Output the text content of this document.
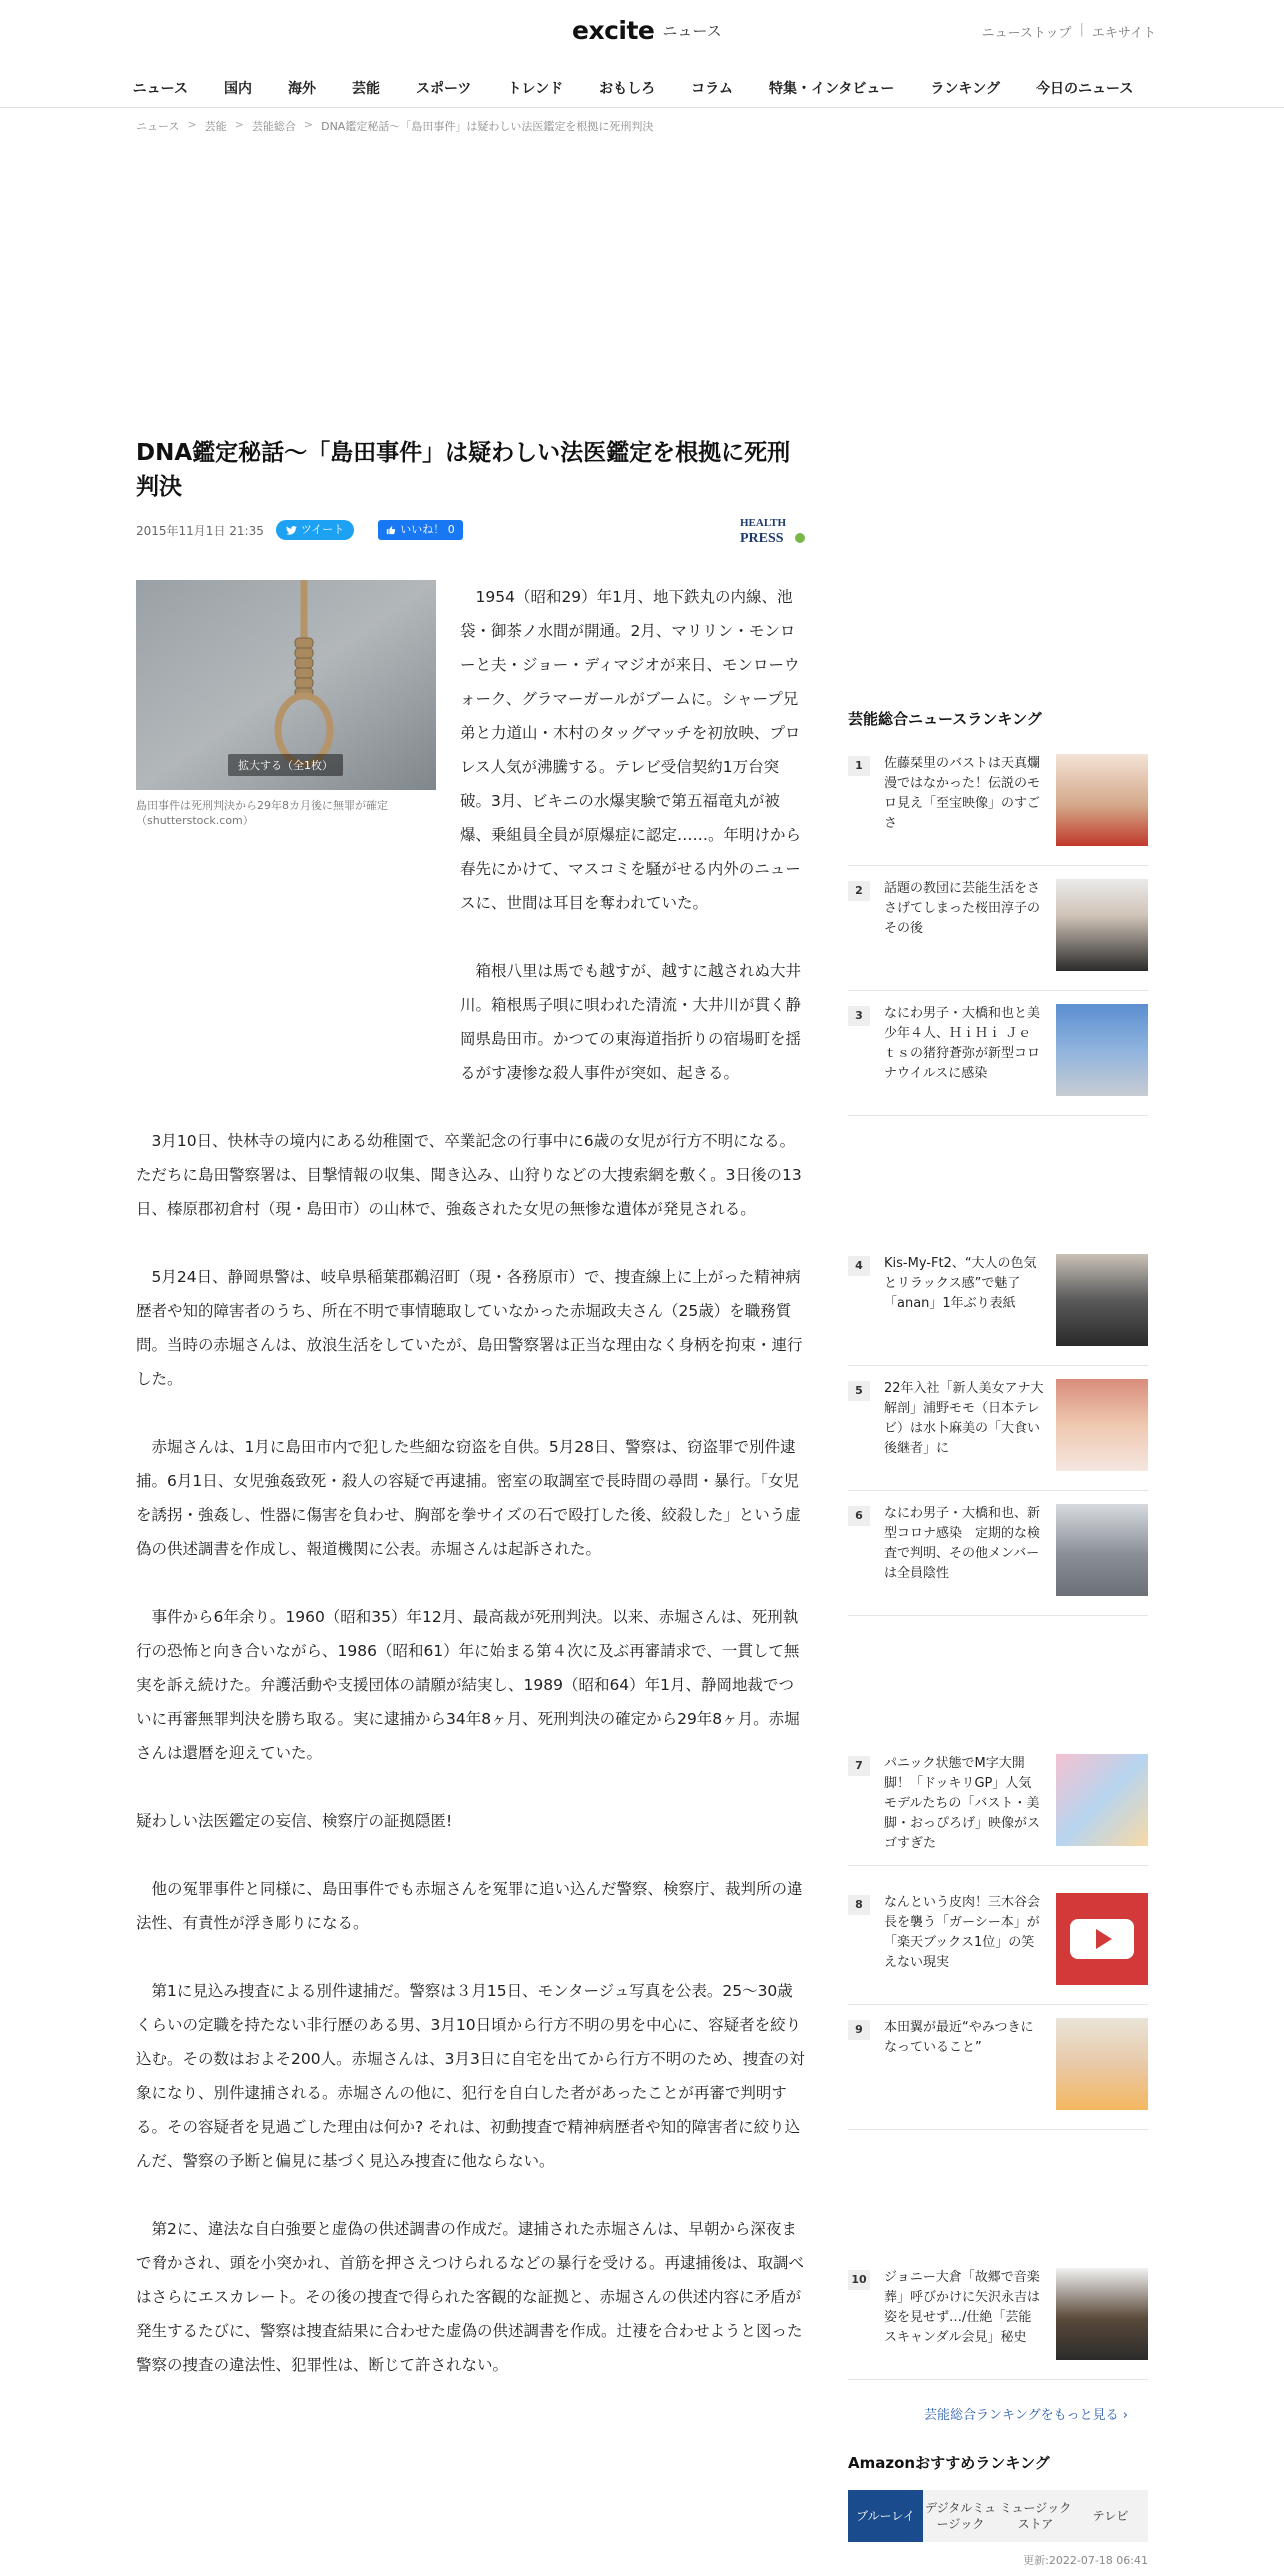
excite ニュース	ニューストップ | エキサイト
ニュース	国内	海外	芸能	スポーツ	トレンド	おもしろ	コラム	特集・インタビュー	ランキング	今日のニュース
ニュース > 芸能 > 芸能総合 > DNA鑑定秘話〜「島田事件」は疑わしい法医鑑定を根拠に死刑判決
DNA鑑定秘話〜「島田事件」は疑わしい法医鑑定を根拠に死刑判決
2015年11月1日 21:35	ツイート	いいね！ 0	HEALTH
PRESS
拡大する（全1枚）
島田事件は死刑判決から29年8カ月後に無罪が確定（shutterstock.com）

1954（昭和29）年1月、地下鉄丸の内線、池袋・御茶ノ水間が開通。2月、マリリン・モンローと夫・ジョー・ディマジオが来日、モンローウォーク、グラマーガールがブームに。シャープ兄弟と力道山・木村のタッグマッチを初放映、プロレス人気が沸騰する。テレビ受信契約1万台突破。3月、ビキニの水爆実験で第五福竜丸が被爆、乗組員全員が原爆症に認定……。年明けから春先にかけて、マスコミを騒がせる内外のニュースに、世間は耳目を奪われていた。

箱根八里は馬でも越すが、越すに越されぬ大井川。箱根馬子唄に唄われた清流・大井川が貫く静岡県島田市。かつての東海道指折りの宿場町を揺るがす凄惨な殺人事件が突如、起きる。

3月10日、快林寺の境内にある幼稚園で、卒業記念の行事中に6歳の女児が行方不明になる。ただちに島田警察署は、目撃情報の収集、聞き込み、山狩りなどの大捜索網を敷く。3日後の13日、榛原郡初倉村（現・島田市）の山林で、強姦された女児の無惨な遺体が発見される。

5月24日、静岡県警は、岐阜県稲葉郡鵜沼町（現・各務原市）で、捜査線上に上がった精神病歴者や知的障害者のうち、所在不明で事情聴取していなかった赤堀政夫さん（25歳）を職務質問。当時の赤堀さんは、放浪生活をしていたが、島田警察署は正当な理由なく身柄を拘束・連行した。

赤堀さんは、1月に島田市内で犯した些細な窃盗を自供。5月28日、警察は、窃盗罪で別件逮捕。6月1日、女児強姦致死・殺人の容疑で再逮捕。密室の取調室で長時間の尋問・暴行。「女児を誘拐・強姦し、性器に傷害を負わせ、胸部を拳サイズの石で殴打した後、絞殺した」という虚偽の供述調書を作成し、報道機関に公表。赤堀さんは起訴された。

事件から6年余り。1960（昭和35）年12月、最高裁が死刑判決。以来、赤堀さんは、死刑執行の恐怖と向き合いながら、1986（昭和61）年に始まる第４次に及ぶ再審請求で、一貫して無実を訴え続けた。弁護活動や支援団体の請願が結実し、1989（昭和64）年1月、静岡地裁でついに再審無罪判決を勝ち取る。実に逮捕から34年8ヶ月、死刑判決の確定から29年8ヶ月。赤堀さんは還暦を迎えていた。

疑わしい法医鑑定の妄信、検察庁の証拠隠匿!

他の冤罪事件と同様に、島田事件でも赤堀さんを冤罪に追い込んだ警察、検察庁、裁判所の違法性、有責性が浮き彫りになる。

第1に見込み捜査による別件逮捕だ。警察は３月15日、モンタージュ写真を公表。25～30歳くらいの定職を持たない非行歴のある男、3月10日頃から行方不明の男を中心に、容疑者を絞り込む。その数はおよそ200人。赤堀さんは、3月3日に自宅を出てから行方不明のため、捜査の対象になり、別件逮捕される。赤堀さんの他に、犯行を自白した者があったことが再審で判明する。その容疑者を見過ごした理由は何か? それは、初動捜査で精神病歴者や知的障害者に絞り込んだ、警察の予断と偏見に基づく見込み捜査に他ならない。

第2に、違法な自白強要と虚偽の供述調書の作成だ。逮捕された赤堀さんは、早朝から深夜まで脅かされ、頭を小突かれ、首筋を押さえつけられるなどの暴行を受ける。再逮捕後は、取調べはさらにエスカレート。その後の捜査で得られた客観的な証拠と、赤堀さんの供述内容に矛盾が発生するたびに、警察は捜査結果に合わせた虚偽の供述調書を作成。辻褄を合わせようと図った警察の捜査の違法性、犯罪性は、断じて許されない。

芸能総合ニュースランキング
1	佐藤栞里のバストは天真爛漫ではなかった！伝説のモロ見え「至宝映像」のすごさ
2	話題の教団に芸能生活をささげてしまった桜田淳子のその後
3	なにわ男子・大橋和也と美少年４人、ＨｉＨｉ Ｊｅｔｓの猪狩蒼弥が新型コロナウイルスに感染
4	Kis-My-Ft2、“大人の色気とリラックス感”で魅了　「anan」1年ぶり表紙
5	22年入社「新人美女アナ大解剖」浦野モモ（日本テレビ）は水卜麻美の「大食い後継者」に
6	なにわ男子・大橋和也、新型コロナ感染　定期的な検査で判明、その他メンバーは全員陰性
7	パニック状態でM字大開脚！「ドッキリGP」人気モデルたちの「バスト・美脚・おっぴろげ」映像がスゴすぎた
8	なんという皮肉！三木谷会長を襲う「ガーシー本」が「楽天ブックス1位」の笑えない現実
9	本田翼が最近“やみつきになっていること”
10 ジョニー大倉「故郷で音楽葬」呼びかけに矢沢永吉は姿を見せず…/仕絶「芸能スキャンダル会見」秘史
芸能総合ランキングをもっと見る ›
Amazonおすすめランキング
ブルーレイ
デジタルミュージック
ミュージックストア
テレビ
更新:2022-07-18 06:41
